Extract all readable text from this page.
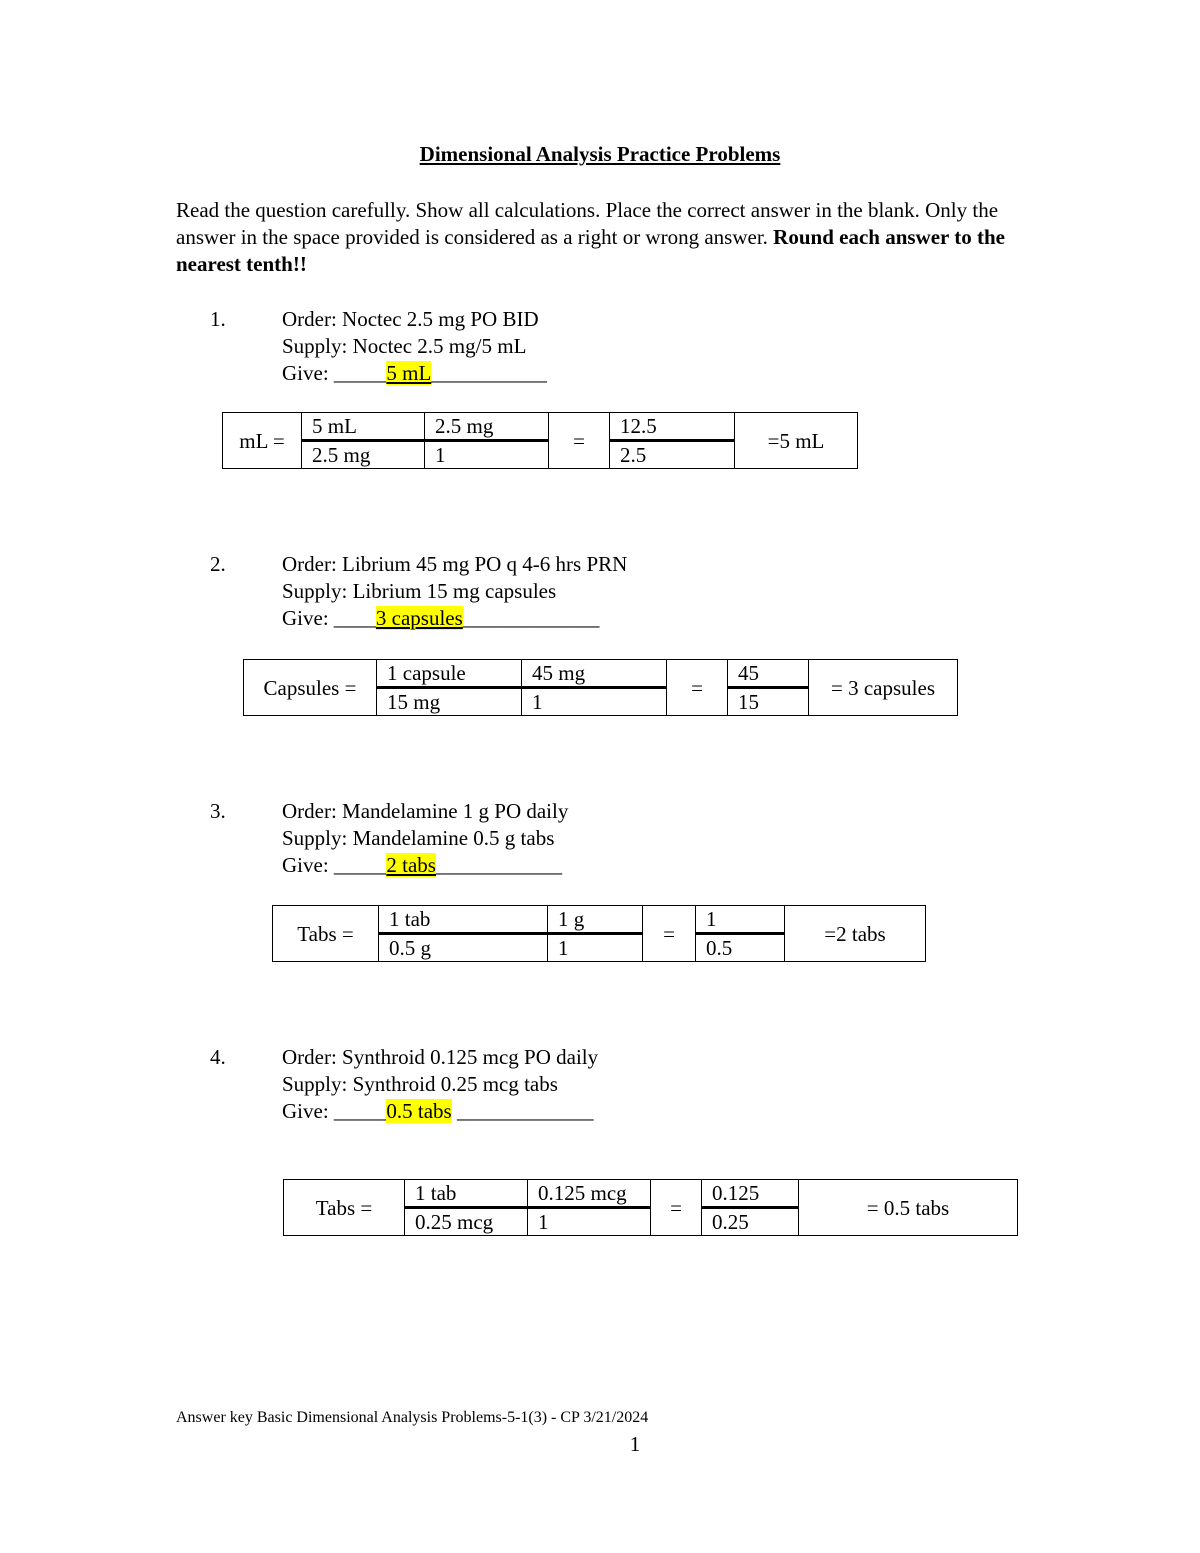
Dimensional Analysis Practice Problems

Read the question carefully. Show all calculations. Place the correct answer in the blank. Only the answer in the space provided is considered as a right or wrong answer. Round each answer to the nearest tenth!!

1.	Order: Noctec 2.5 mg PO BID
Supply: Noctec 2.5 mg/5 mL
Give: _____5 mL___________
mL =	5 mL	2.5 mg	=	12.5	=5 mL
	2.5 mg	1		2.5	
2.	Order: Librium 45 mg PO q 4-6 hrs PRN
Supply: Librium 15 mg capsules
Give: ____3 capsules_____________
Capsules =	1 capsule	45 mg	=	45	= 3 capsules
	15 mg	1		15	
3.	Order: Mandelamine 1 g PO daily
Supply: Mandelamine 0.5 g tabs
Give: _____2 tabs____________
Tabs =	1 tab	1 g	=	1	=2 tabs
	0.5 g	1		0.5	
4.	Order: Synthroid 0.125 mcg PO daily
Supply: Synthroid 0.25 mcg tabs
Give: _____0.5 tabs _____________
Tabs =	1 tab	0.125 mcg	=	0.125	= 0.5 tabs
	0.25 mcg	1		0.25	
Answer key Basic Dimensional Analysis Problems-5-1(3) - CP 3/21/2024
1
